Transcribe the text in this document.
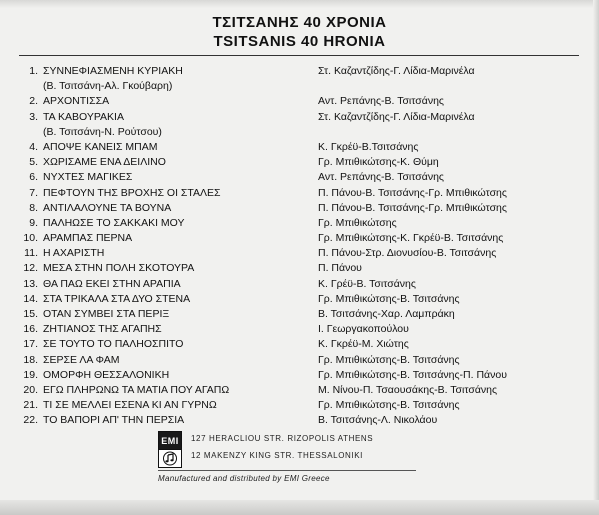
ΤΣΙΤΣΑΝΗΣ 40 ΧΡΟΝΙΑ
TSITSANIS 40 HRONIA
1. ΣΥΝΝΕΦΙΑΣΜΕΝΗ ΚΥΡΙΑΚΗ	Στ. Καζαντζίδης-Γ. Λίδια-Μαρινέλα
(Β. Τσιτσάνη-Αλ. Γκούβαρη)
2. ΑΡΧΟΝΤΙΣΣΑ	Αντ. Ρεπάνης-Β. Τσιτσάνης
3. ΤΑ ΚΑΒΟΥΡΑΚΙΑ	Στ. Καζαντζίδης-Γ. Λίδια-Μαρινέλα
(Β. Τσιτσάνη-Ν. Ρούτσου)
4. ΑΠΟΨΕ ΚΑΝΕΙΣ ΜΠΑΜ	Κ. Γκρέϋ-Β.Τσιτσάνης
5. ΧΩΡΙΣΑΜΕ ΕΝΑ ΔΕΙΛΙΝΟ	Γρ. Μπιθικώτσης-Κ. Θύμη
6. ΝΥΧΤΕΣ ΜΑΓΙΚΕΣ	Αντ. Ρεπάνης-Β. Τσιτσάνης
7. ΠΕΦΤΟΥΝ ΤΗΣ ΒΡΟΧΗΣ ΟΙ ΣΤΑΛΕΣ	Π. Πάνου-Β. Τσιτσάνης-Γρ. Μπιθικώτσης
8. ΑΝΤΙΛΑΛΟΥΝΕ ΤΑ ΒΟΥΝΑ	Π. Πάνου-Β. Τσιτσάνης-Γρ. Μπιθικώτσης
9. ΠΑΛΗΩΣΕ ΤΟ ΣΑΚΚΑΚΙ ΜΟΥ	Γρ. Μπιθικώτσης
10. ΑΡΑΜΠΑΣ ΠΕΡΝΑ	Γρ. Μπιθικώτσης-Κ. Γκρέϋ-Β. Τσιτσάνης
11. Η ΑΧΑΡΙΣΤΗ	Π. Πάνου-Στρ. Διονυσίου-Β. Τσιτσάνης
12. ΜΕΣΑ ΣΤΗΝ ΠΟΛΗ ΣΚΟΤΟΥΡΑ	Π. Πάνου
13. ΘΑ ΠΑΩ ΕΚΕΙ ΣΤΗΝ ΑΡΑΠΙΑ	Κ. Γρέϋ-Β. Τσιτσάνης
14. ΣΤΑ ΤΡΙΚΑΛΑ ΣΤΑ ΔΥΟ ΣΤΕΝΑ	Γρ. Μπιθικώτσης-Β. Τσιτσάνης
15. ΟΤΑΝ ΣΥΜΒΕΙ ΣΤΑ ΠΕΡΙΞ	Β. Τσιτσάνης-Χαρ. Λαμπράκη
16. ΖΗΤΙΑΝΟΣ ΤΗΣ ΑΓΑΠΗΣ	Ι. Γεωργακοπούλου
17. ΣΕ ΤΟΥΤΟ ΤΟ ΠΑΛΗΟΣΠΙΤΟ	Κ. Γκρέϋ-Μ. Χιώτης
18. ΣΕΡΣΕ ΛΑ ΦΑΜ	Γρ. Μπιθικώτσης-Β. Τσιτσάνης
19. ΟΜΟΡΦΗ ΘΕΣΣΑΛΟΝΙΚΗ	Γρ. Μπιθικώτσης-Β. Τσιτσάνης-Π. Πάνου
20. ΕΓΩ ΠΛΗΡΩΝΩ ΤΑ ΜΑΤΙΑ ΠΟΥ ΑΓΑΠΩ	Μ. Νίνου-Π. Τσαουσάκης-Β. Τσιτσάνης
21. ΤΙ ΣΕ ΜΕΛΛΕΙ ΕΣΕΝΑ ΚΙ ΑΝ ΓΥΡΝΩ	Γρ. Μπιθικώτσης-Β. Τσιτσάνης
22. ΤΟ ΒΑΠΟΡΙ ΑΠ' ΤΗΝ ΠΕΡΣΙΑ	Β. Τσιτσάνης-Λ. Νικολάου
EMI 127 HERACLIOU STR. RIZOPOLIS ATHENS
12 MAKENZY KING STR. THESSALONIKI
Manufactured and distributed by EMI Greece
